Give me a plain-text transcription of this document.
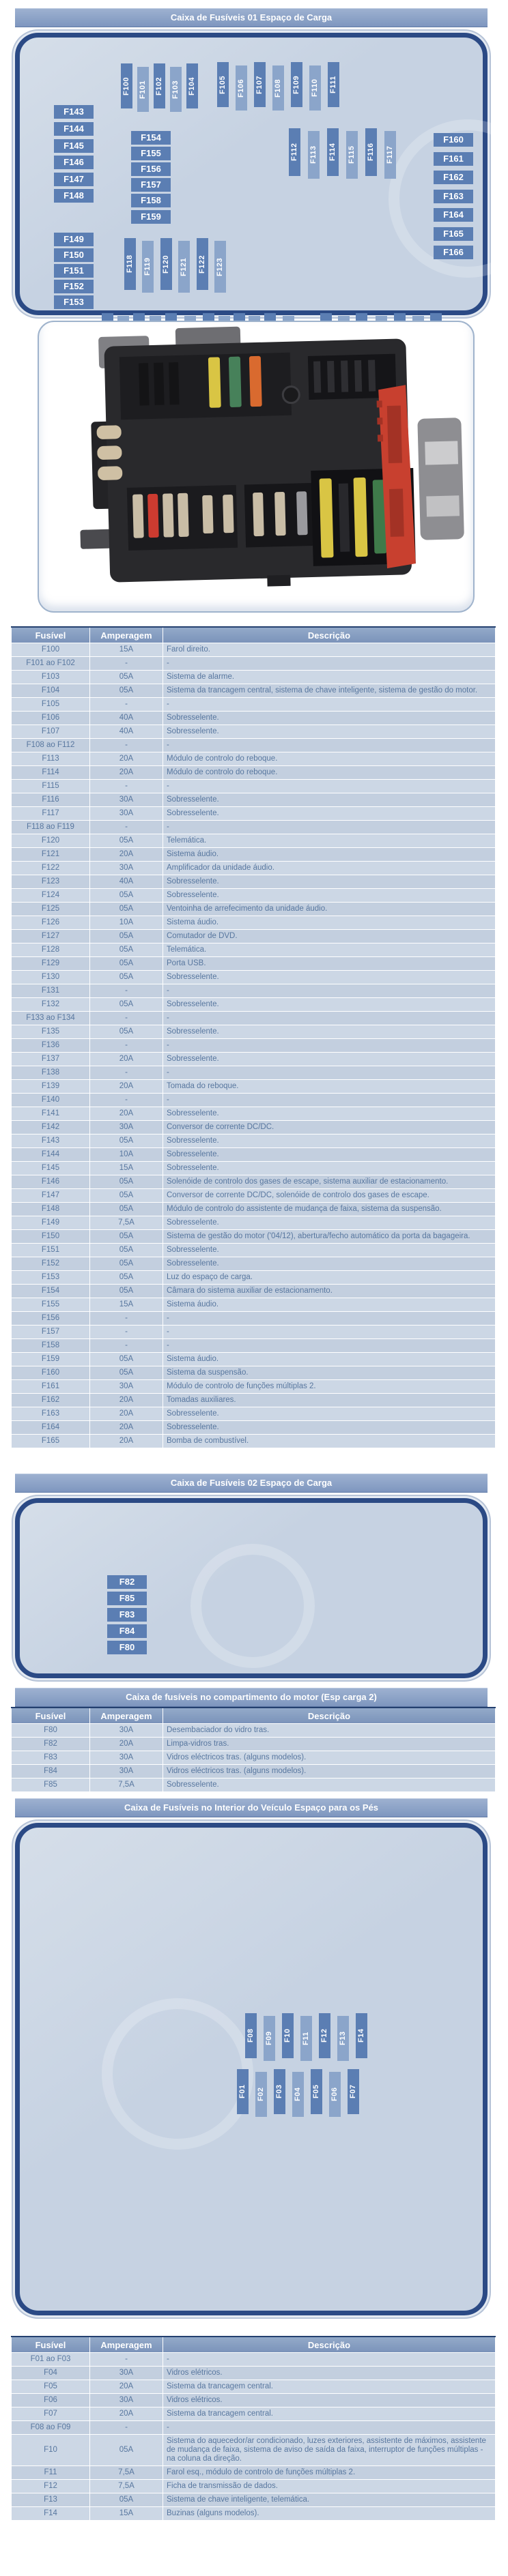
Caixa de Fusíveis 01 Espaço de Carga
F100 F101 F102 F103 F104	F105 F106 F107 F108 F109 F110 F111
F112 F113 F114 F115 F116 F117
F118 F119 F120 F121 F122 F123
F143
F144
F145
F146
F147
F148
F149
F150
F151
F152
F153
F154
F155
F156
F157
F158
F159
F160
F161
F162
F163
F164
F165
F166
Fusível	Amperagem	Descrição
F100	15A	Farol direito.
F101 ao F102	-	-
F103	05A	Sistema de alarme.
F104	05A	Sistema da trancagem central, sistema de chave inteligente, sistema de gestão do motor.
F105	-	-
F106	40A	Sobresselente.
F107	40A	Sobresselente.
F108 ao F112	-	-
F113	20A	Módulo de controlo do reboque.
F114	20A	Módulo de controlo do reboque.
F115	-	-
F116	30A	Sobresselente.
F117	30A	Sobresselente.
F118 ao F119	-	-
F120	05A	Telemática.
F121	20A	Sistema áudio.
F122	30A	Amplificador da unidade áudio.
F123	40A	Sobresselente.
F124	05A	Sobresselente.
F125	05A	Ventoinha de arrefecimento da unidade áudio.
F126	10A	Sistema áudio.
F127	05A	Comutador de DVD.
F128	05A	Telemática.
F129	05A	Porta USB.
F130	05A	Sobresselente.
F131	-	-
F132	05A	Sobresselente.
F133 ao F134	-	-
F135	05A	Sobresselente.
F136	-	-
F137	20A	Sobresselente.
F138	-	-
F139	20A	Tomada do reboque.
F140	-	-
F141	20A	Sobresselente.
F142	30A	Conversor de corrente DC/DC.
F143	05A	Sobresselente.
F144	10A	Sobresselente.
F145	15A	Sobresselente.
F146	05A	Solenóide de controlo dos gases de escape, sistema auxiliar de estacionamento.
F147	05A	Conversor de corrente DC/DC, solenóide de controlo dos gases de escape.
F148	05A	Módulo de controlo do assistente de mudança de faixa, sistema da suspensão.
F149	7,5A	Sobresselente.
F150	05A	Sistema de gestão do motor ('04/12), abertura/fecho automático da porta da bagageira.
F151	05A	Sobresselente.
F152	05A	Sobresselente.
F153	05A	Luz do espaço de carga.
F154	05A	Câmara do sistema auxiliar de estacionamento.
F155	15A	Sistema áudio.
F156	-	-
F157	-	-
F158	-	-
F159	05A	Sistema áudio.
F160	05A	Sistema da suspensão.
F161	30A	Módulo de controlo de funções múltiplas 2.
F162	20A	Tomadas auxiliares.
F163	20A	Sobresselente.
F164	20A	Sobresselente.
F165	20A	Bomba de combustível.
Caixa de Fusíveis 02 Espaço de Carga
F82
F85
F83
F84
F80
Caixa de fusíveis no compartimento do motor (Esp carga 2)
Fusível	Amperagem	Descrição
F80	30A	Desembaciador do vidro tras.
F82	20A	Limpa-vidros tras.
F83	30A	Vidros eléctricos tras. (alguns modelos).
F84	30A	Vidros eléctricos tras. (alguns modelos).
F85	7,5A	Sobresselente.
Caixa de Fusíveis no Interior do Veículo Espaço para os Pés
F08 F09 F10 F11 F12 F13 F14
F01 F02 F03 F04 F05 F06 F07
Fusível	Amperagem	Descrição
F01 ao F03	-	-
F04	30A	Vidros elétricos.
F05	20A	Sistema da trancagem central.
F06	30A	Vidros elétricos.
F07	20A	Sistema da trancagem central.
F08 ao F09	-	-
F10	05A	Sistema do aquecedor/ar condicionado, luzes exteriores, assistente de máximos, assistente de mudança de faixa, sistema de aviso de saída da faixa, interruptor de funções múltiplas - na coluna da direção.
F11	7,5A	Farol esq., módulo de controlo de funções múltiplas 2.
F12	7,5A	Ficha de transmissão de dados.
F13	05A	Sistema de chave inteligente, telemática.
F14	15A	Buzinas (alguns modelos).
